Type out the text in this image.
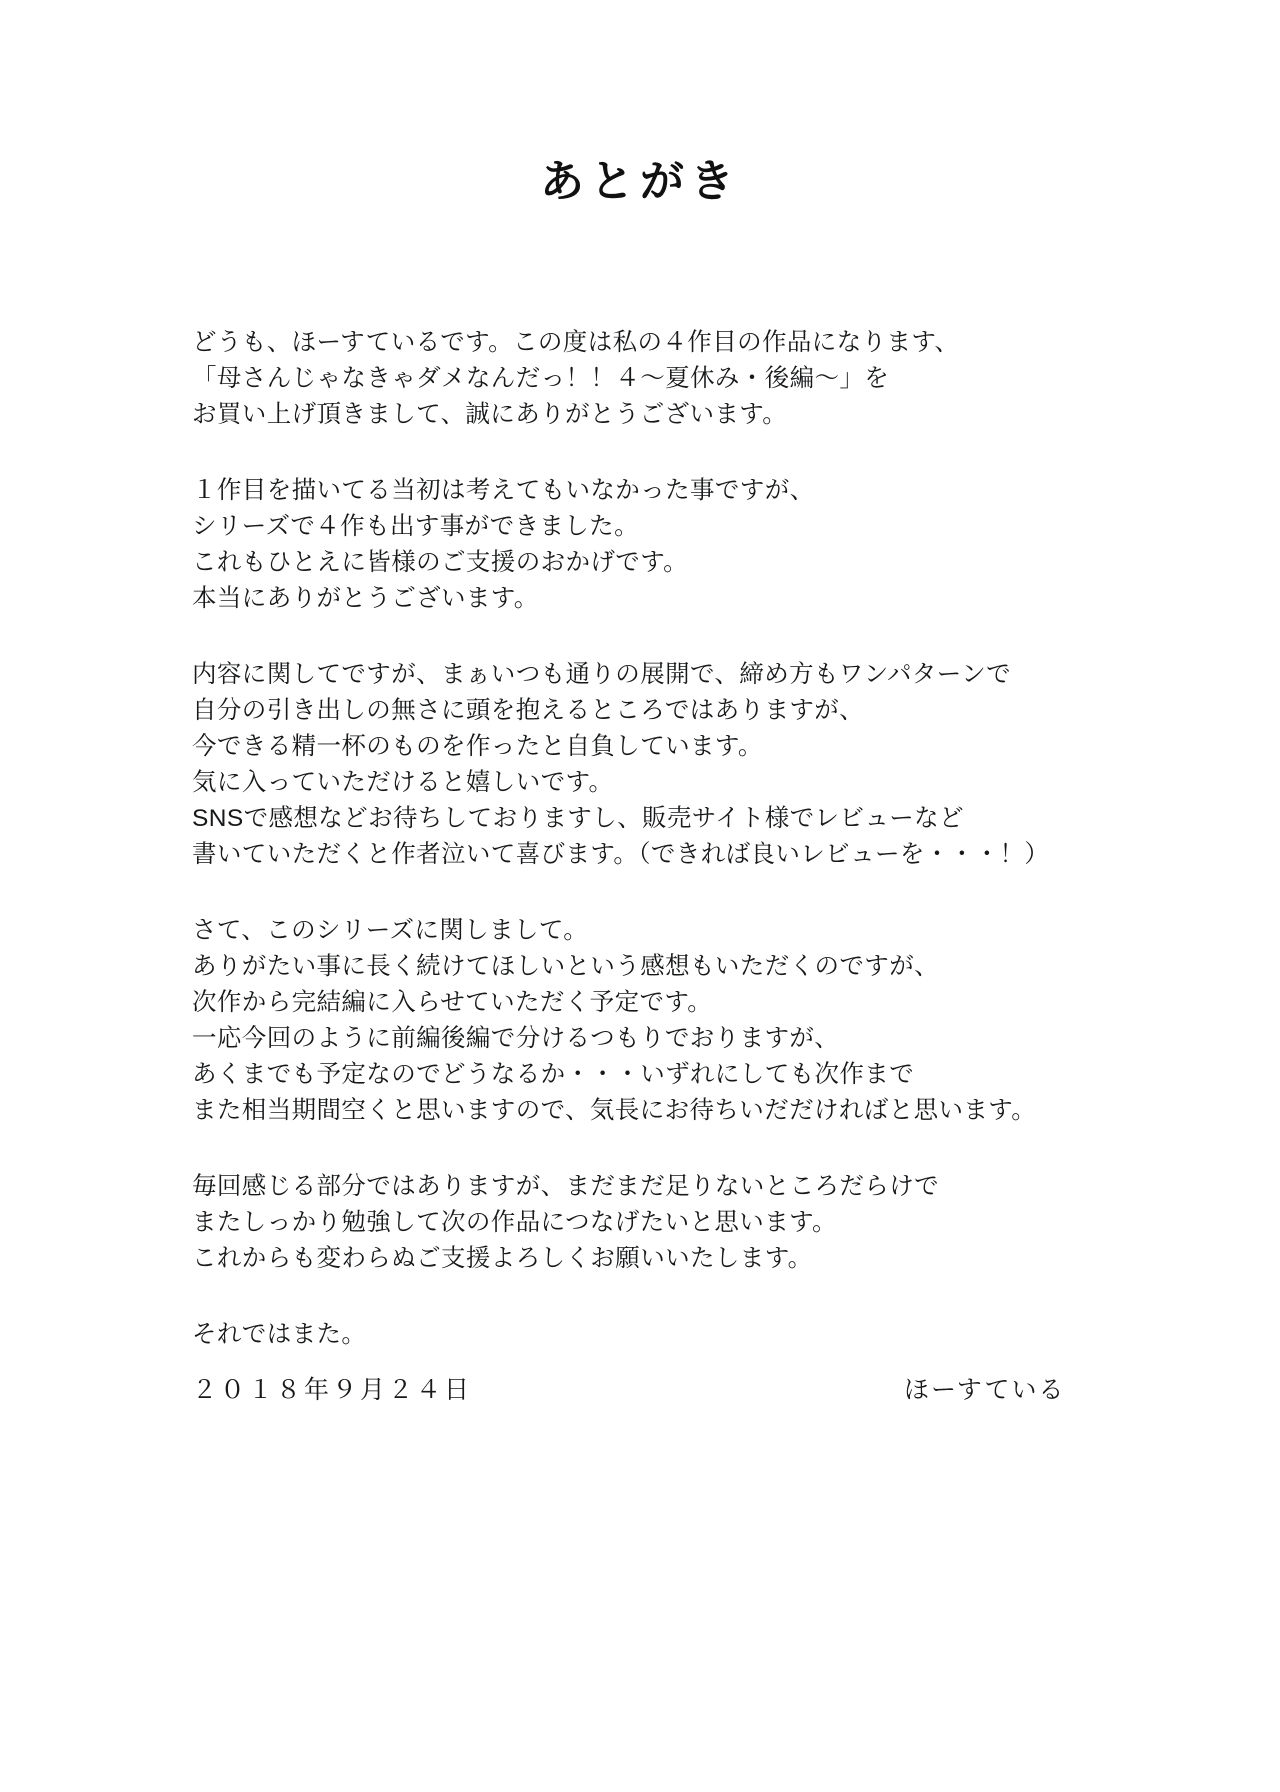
あとがき
どうも、ほーすているです。この度は私の４作目の作品になります、
「母さんじゃなきゃダメなんだっ！！４〜夏休み・後編〜」を
お買い上げ頂きまして、誠にありがとうございます。
１作目を描いてる当初は考えてもいなかった事ですが、
シリーズで４作も出す事ができました。
これもひとえに皆様のご支援のおかげです。
本当にありがとうございます。
内容に関してですが、まぁいつも通りの展開で、締め方もワンパターンで
自分の引き出しの無さに頭を抱えるところではありますが、
今できる精一杯のものを作ったと自負しています。
気に入っていただけると嬉しいです。
SNSで感想などお待ちしておりますし、販売サイト様でレビューなど
書いていただくと作者泣いて喜びます。（できれば良いレビューを・・・！）
さて、このシリーズに関しまして。
ありがたい事に長く続けてほしいという感想もいただくのですが、
次作から完結編に入らせていただく予定です。
一応今回のように前編後編で分けるつもりでおりますが、
あくまでも予定なのでどうなるか・・・いずれにしても次作まで
また相当期間空くと思いますので、気長にお待ちいだだければと思います。
毎回感じる部分ではありますが、まだまだ足りないところだらけで
またしっかり勉強して次の作品につなげたいと思います。
これからも変わらぬご支援よろしくお願いいたします。
それではまた。
２０１８年９月２４日	ほーすている
